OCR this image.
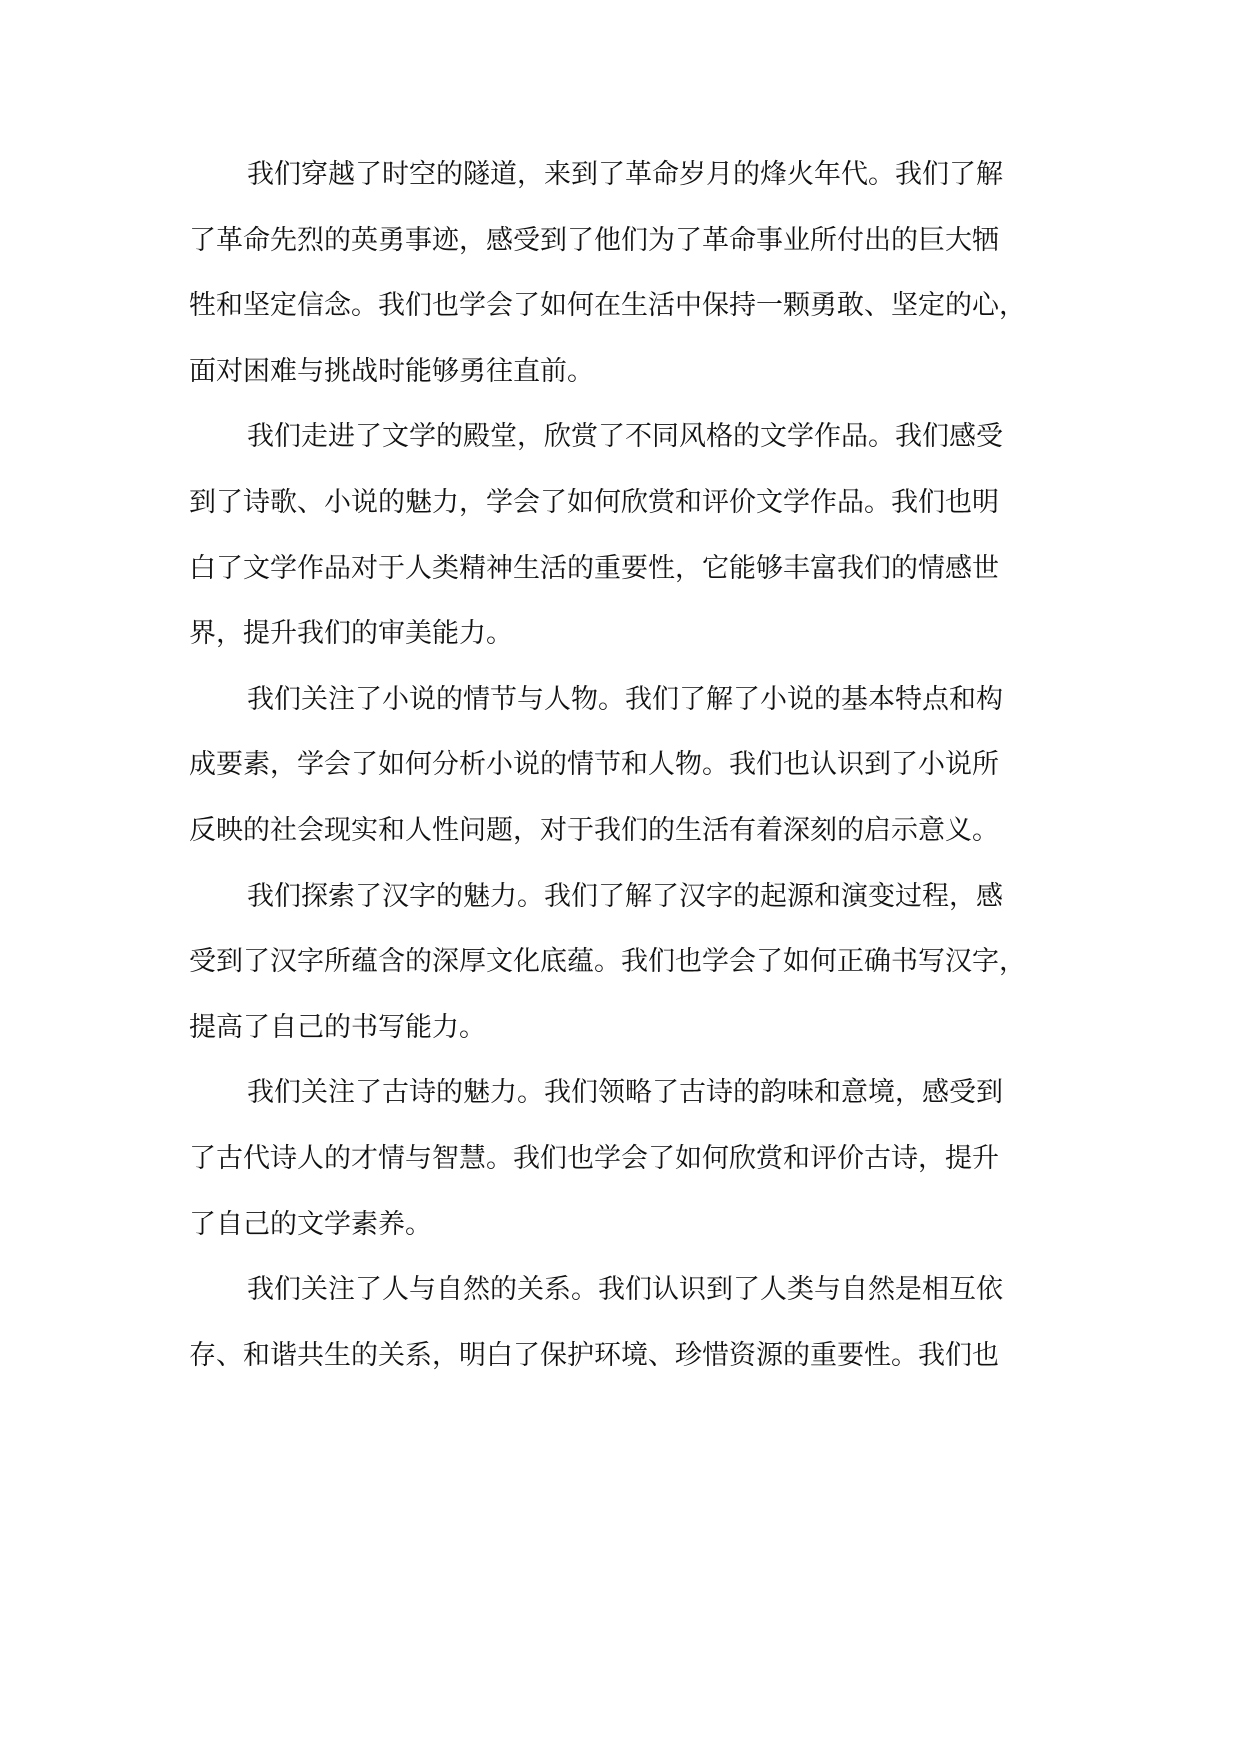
我们穿越了时空的隧道，来到了革命岁月的烽火年代。我们了解
了革命先烈的英勇事迹，感受到了他们为了革命事业所付出的巨大牺
牲和坚定信念。我们也学会了如何在生活中保持一颗勇敢、坚定的心，
面对困难与挑战时能够勇往直前。
我们走进了文学的殿堂，欣赏了不同风格的文学作品。我们感受
到了诗歌、小说的魅力，学会了如何欣赏和评价文学作品。我们也明
白了文学作品对于人类精神生活的重要性，它能够丰富我们的情感世
界，提升我们的审美能力。
我们关注了小说的情节与人物。我们了解了小说的基本特点和构
成要素，学会了如何分析小说的情节和人物。我们也认识到了小说所
反映的社会现实和人性问题，对于我们的生活有着深刻的启示意义。
我们探索了汉字的魅力。我们了解了汉字的起源和演变过程，感
受到了汉字所蕴含的深厚文化底蕴。我们也学会了如何正确书写汉字，
提高了自己的书写能力。
我们关注了古诗的魅力。我们领略了古诗的韵味和意境，感受到
了古代诗人的才情与智慧。我们也学会了如何欣赏和评价古诗，提升
了自己的文学素养。
我们关注了人与自然的关系。我们认识到了人类与自然是相互依
存、和谐共生的关系，明白了保护环境、珍惜资源的重要性。我们也
